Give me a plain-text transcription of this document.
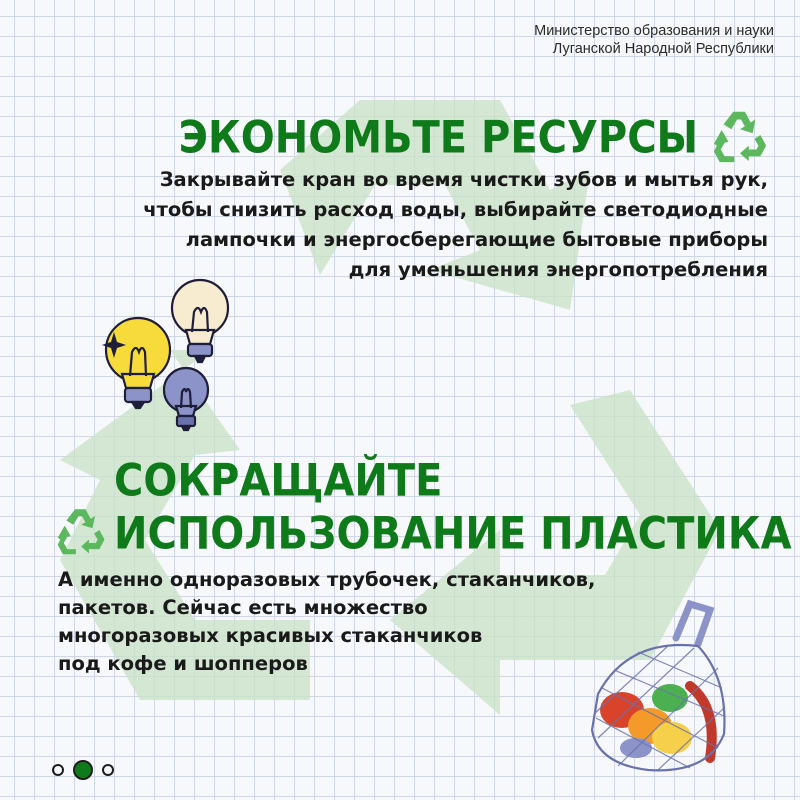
Министерство образования и науки
Луганской Народной Республики
ЭКОНОМЬТЕ РЕСУРСЫ
Закрывайте кран во время чистки зубов и мытья рук,
чтобы снизить расход воды, выбирайте светодиодные
лампочки и энергосберегающие бытовые приборы
для уменьшения энергопотребления
СОКРАЩАЙТЕ
ИСПОЛЬЗОВАНИЕ ПЛАСТИКА
А именно одноразовых трубочек, стаканчиков,
пакетов. Сейчас есть множество
многоразовых красивых стаканчиков
под кофе и шопперов
